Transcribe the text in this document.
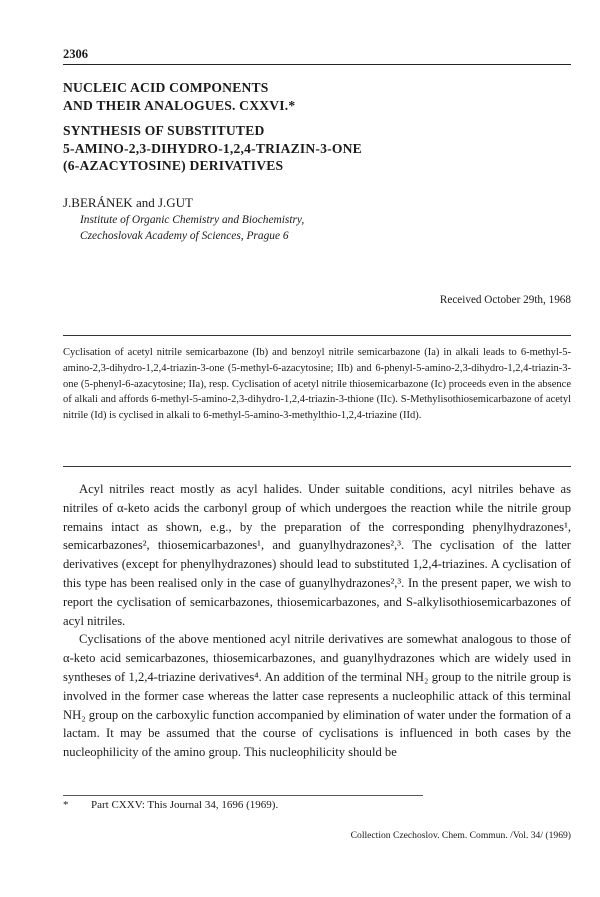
2306
NUCLEIC ACID COMPONENTS
AND THEIR ANALOGUES. CXXVI.*
SYNTHESIS OF SUBSTITUTED
5-AMINO-2,3-DIHYDRO-1,2,4-TRIAZIN-3-ONE
(6-AZACYTOSINE) DERIVATIVES
J.BERÁNEK and J.GUT
Institute of Organic Chemistry and Biochemistry,
Czechoslovak Academy of Sciences, Prague 6
Received October 29th, 1968

Cyclisation of acetyl nitrile semicarbazone (Ib) and benzoyl nitrile semicarbazone (Ia) in alkali leads to 6-methyl-5-amino-2,3-dihydro-1,2,4-triazin-3-one (5-methyl-6-azacytosine; IIb) and 6-phenyl-5-amino-2,3-dihydro-1,2,4-triazin-3-one (5-phenyl-6-azacytosine; IIa), resp. Cyclisation of acetyl nitrile thiosemicarbazone (Ic) proceeds even in the absence of alkali and affords 6-methyl-5-amino-2,3-dihydro-1,2,4-triazin-3-thione (IIc). S-Methylisothiosemicarbazone of acetyl nitrile (Id) is cyclised in alkali to 6-methyl-5-amino-3-methylthio-1,2,4-triazine (IId).

Acyl nitriles react mostly as acyl halides. Under suitable conditions, acyl nitriles behave as nitriles of α-keto acids the carbonyl group of which undergoes the reaction while the nitrile group remains intact as shown, e.g., by the preparation of the corresponding phenylhydrazones¹, semicarbazones², thiosemicarbazones¹, and guanylhydrazones²,³. The cyclisation of the latter derivatives (except for phenylhydrazones) should lead to substituted 1,2,4-triazines. A cyclisation of this type has been realised only in the case of guanylhydrazones²,³. In the present paper, we wish to report the cyclisation of semicarbazones, thiosemicarbazones, and S-alkylisothiosemicarbazones of acyl nitriles.

Cyclisations of the above mentioned acyl nitrile derivatives are somewhat analogous to those of α-keto acid semicarbazones, thiosemicarbazones, and guanylhydrazones which are widely used in syntheses of 1,2,4-triazine derivatives⁴. An addition of the terminal NH₂ group to the nitrile group is involved in the former case whereas the latter case represents a nucleophilic attack of this terminal NH₂ group on the carboxylic function accompanied by elimination of water under the formation of a lactam. It may be assumed that the course of cyclisations is influenced in both cases by the nucleophilicity of the amino group. This nucleophilicity should be

* Part CXXV: This Journal 34, 1696 (1969).
Collection Czechoslov. Chem. Commun. /Vol. 34/ (1969)
